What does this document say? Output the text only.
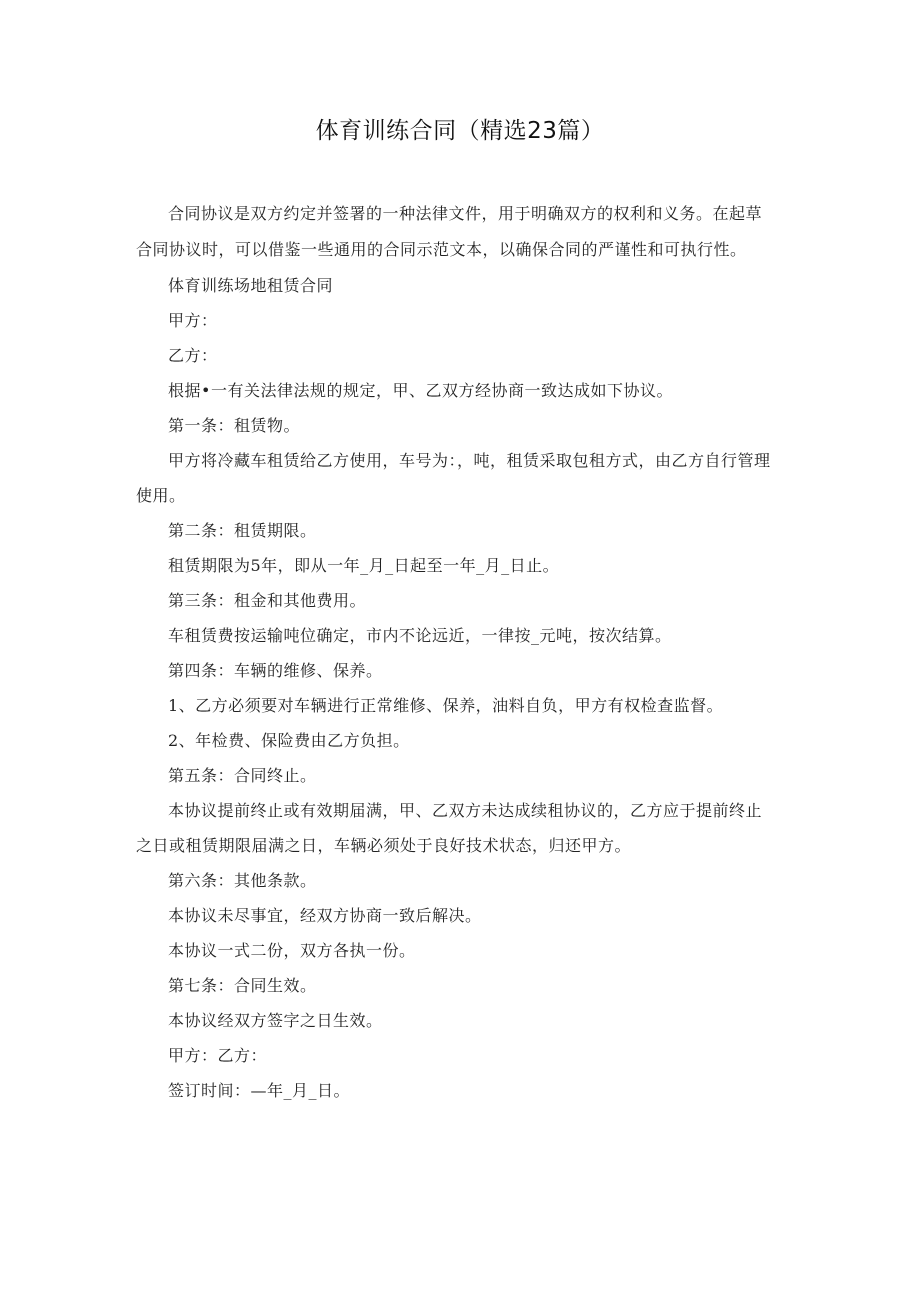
体育训练合同（精选23篇）

合同协议是双方约定并签署的一种法律文件，用于明确双方的权利和义务。在起草合同协议时，可以借鉴一些通用的合同示范文本，以确保合同的严谨性和可执行性。

体育训练场地租赁合同

甲方：

乙方：

根据•一有关法律法规的规定，甲、乙双方经协商一致达成如下协议。

第一条：租赁物。

甲方将冷藏车租赁给乙方使用，车号为：，吨，租赁采取包租方式，由乙方自行管理使用。

第二条：租赁期限。

租赁期限为5年，即从一年_月_日起至一年_月_日止。

第三条：租金和其他费用。

车租赁费按运输吨位确定，市内不论远近，一律按_元吨，按次结算。

第四条：车辆的维修、保养。

1、乙方必须要对车辆进行正常维修、保养，油料自负，甲方有权检查监督。

2、年检费、保险费由乙方负担。

第五条：合同终止。

本协议提前终止或有效期届满，甲、乙双方未达成续租协议的，乙方应于提前终止之日或租赁期限届满之日，车辆必须处于良好技术状态，归还甲方。

第六条：其他条款。

本协议未尽事宜，经双方协商一致后解决。

本协议一式二份，双方各执一份。

第七条：合同生效。

本协议经双方签字之日生效。

甲方：乙方：

签订时间：—年_月_日。
